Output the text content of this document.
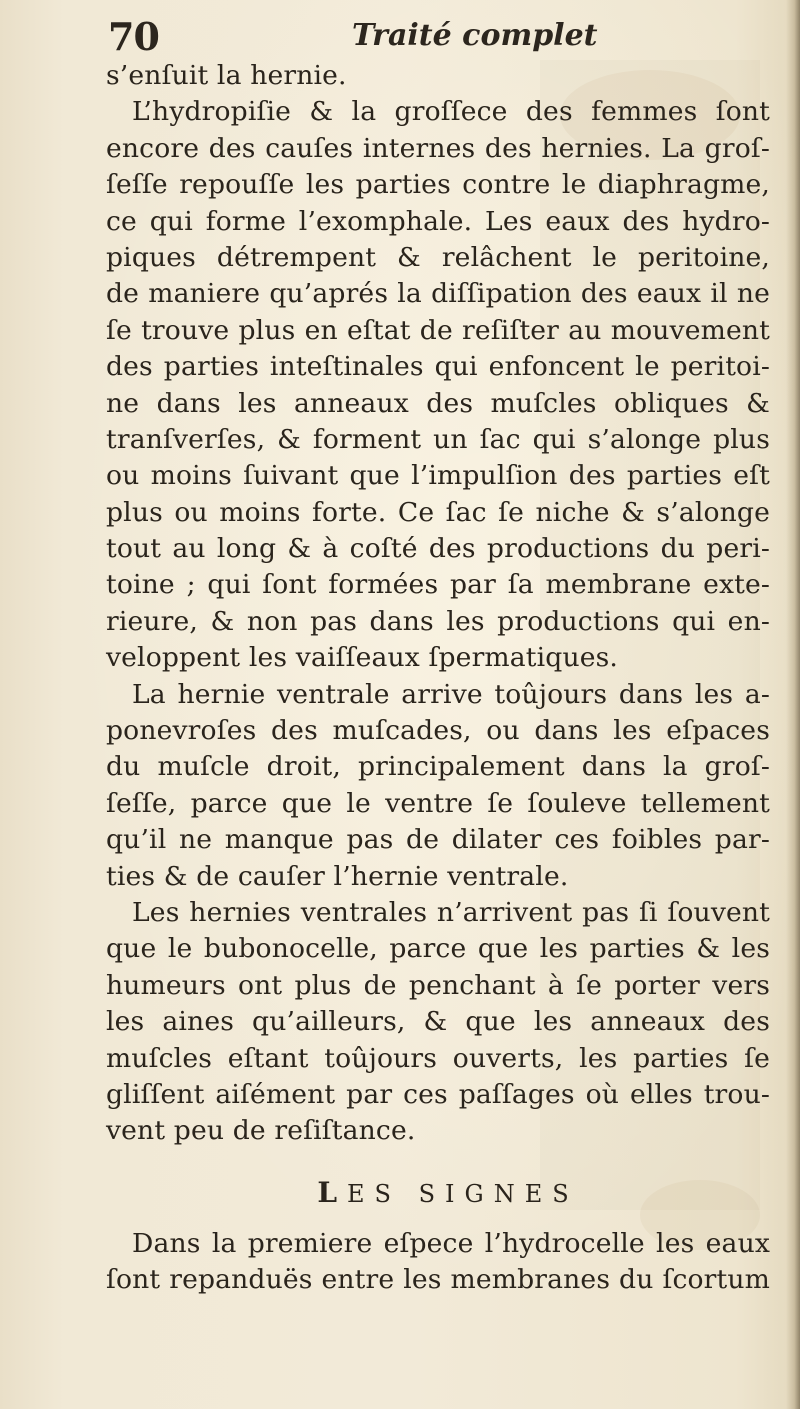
70	Traité complet
s’enſuit la hernie.
L’hydropiſie & la groſſece des femmes ſont
encore des cauſes internes des hernies. La groſ-
ſeſſe repouſſe les parties contre le diaphragme,
ce qui forme l’exomphale. Les eaux des hydro-
piques détrempent & relâchent le peritoine,
de maniere qu’aprés la diſſipation des eaux il ne
ſe trouve plus en eſtat de reſiſter au mouvement
des parties inteſtinales qui enfoncent le peritoi-
ne dans les anneaux des muſcles obliques &
tranſverſes, & forment un ſac qui s’alonge plus
ou moins ſuivant que l’impulſion des parties eſt
plus ou moins forte. Ce ſac ſe niche & s’alonge
tout au long & à coſté des productions du peri-
toine ; qui ſont formées par ſa membrane exte-
rieure, & non pas dans les productions qui en-
veloppent les vaiſſeaux ſpermatiques.
La hernie ventrale arrive toûjours dans les a-
ponevroſes des muſcades, ou dans les eſpaces
du muſcle droit, principalement dans la groſ-
ſeſſe, parce que le ventre ſe ſouleve tellement
qu’il ne manque pas de dilater ces foibles par-
ties & de cauſer l’hernie ventrale.
Les hernies ventrales n’arrivent pas ſi ſouvent
que le bubonocelle, parce que les parties & les
humeurs ont plus de penchant à ſe porter vers
les aines qu’ailleurs, & que les anneaux des
muſcles eſtant toûjours ouverts, les parties ſe
gliſſent aiſément par ces paſſages où elles trou-
vent peu de reſiſtance.
LES SIGNES
Dans la premiere eſpece l’hydrocelle les eaux
ſont repanduës entre les membranes du ſcortum
